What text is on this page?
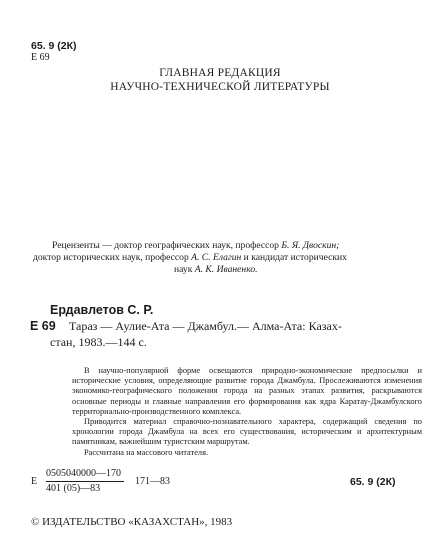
65. 9 (2К)
Е 69
ГЛАВНАЯ РЕДАКЦИЯ
НАУЧНО-ТЕХНИЧЕСКОЙ ЛИТЕРАТУРЫ
Рецензенты — доктор географических наук, профессор Б. Я. Двоскин;
доктор исторических наук, профессор А. С. Елагин и кандидат исторических
наук А. К. Иваненко.
Ердавлетов С. Р.
Е 69 Тараз — Аулие-Ата — Джамбул.— Алма-Ата: Казах-
стан, 1983.—144 с.

В научно-популярной форме освещаются природно-экономические предпосылки и исторические условия, определяющие развитие города Джамбула. Прослеживаются изменения экономико-географического положения города на разных этапах развития, раскрываются основные периоды и главные направления его формирования как ядра Каратау-Джамбулского территориально-производственного комплекса.

Приводится материал справочно-познавательного характера, содержащий сведения по хронологии города Джамбула на всех его существования, историческим и архитектурным памятникам, важнейшим туристским маршрутам.

Рассчитана на массового читателя.

Е
0505040000—170
401 (05)—83
171—83	65. 9 (2К)
© ИЗДАТЕЛЬСТВО «КАЗАХСТАН», 1983
